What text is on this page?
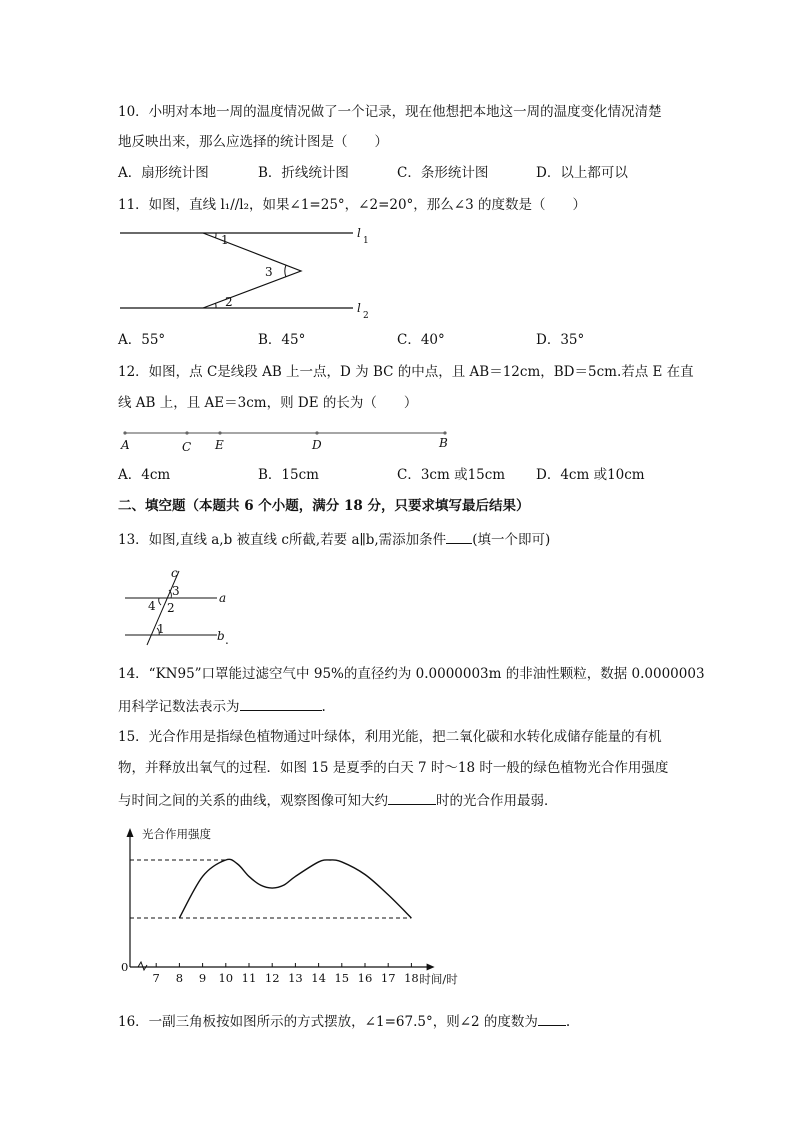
10．小明对本地一周的温度情况做了一个记录，现在他想把本地这一周的温度变化情况清楚
地反映出来，那么应选择的统计图是（　　）
A．扇形统计图	B．折线统计图	C．条形统计图	D．以上都可以
11．如图，直线 l₁//l₂，如果∠1=25°，∠2=20°，那么∠3 的度数是（　　）
1
2
3
l
1
l
2
A．55°	B．45°	C．40°	D．35°
12．如图，点 C是线段 AB 上一点，D 为 BC 的中点，且 AB＝12cm，BD＝5cm.若点 E 在直
线 AB 上，且 AE＝3cm，则 DE 的长为（　　）
A	C E	D	B
A．4cm	B．15cm	C．3cm 或15cm D．4cm 或10cm
二、填空题（本题共 6 个小题，满分 18 分，只要求填写最后结果）
13．如图,直线 a,b 被直线 c所截,若要 a∥b,需添加条件 (填一个即可)
c
a
b .
3
4 2
1
14．“KN95”口罩能过滤空气中 95%的直径约为 0.0000003m 的非油性颗粒，数据 0.0000003
用科学记数法表示为	.
15．光合作用是指绿色植物通过叶绿体，利用光能，把二氧化碳和水转化成储存能量的有机
物，并释放出氧气的过程．如图 15 是夏季的白天 7 时～18 时一般的绿色植物光合作用强度
与时间之间的关系的曲线，观察图像可知大约	时的光合作用最弱．
7 8 9 10 11 12 13 14 15 16 17 18
光合作用强度
时间/时
0
16．一副三角板按如图所示的方式摆放，∠1=67.5°，则∠2 的度数为 .
